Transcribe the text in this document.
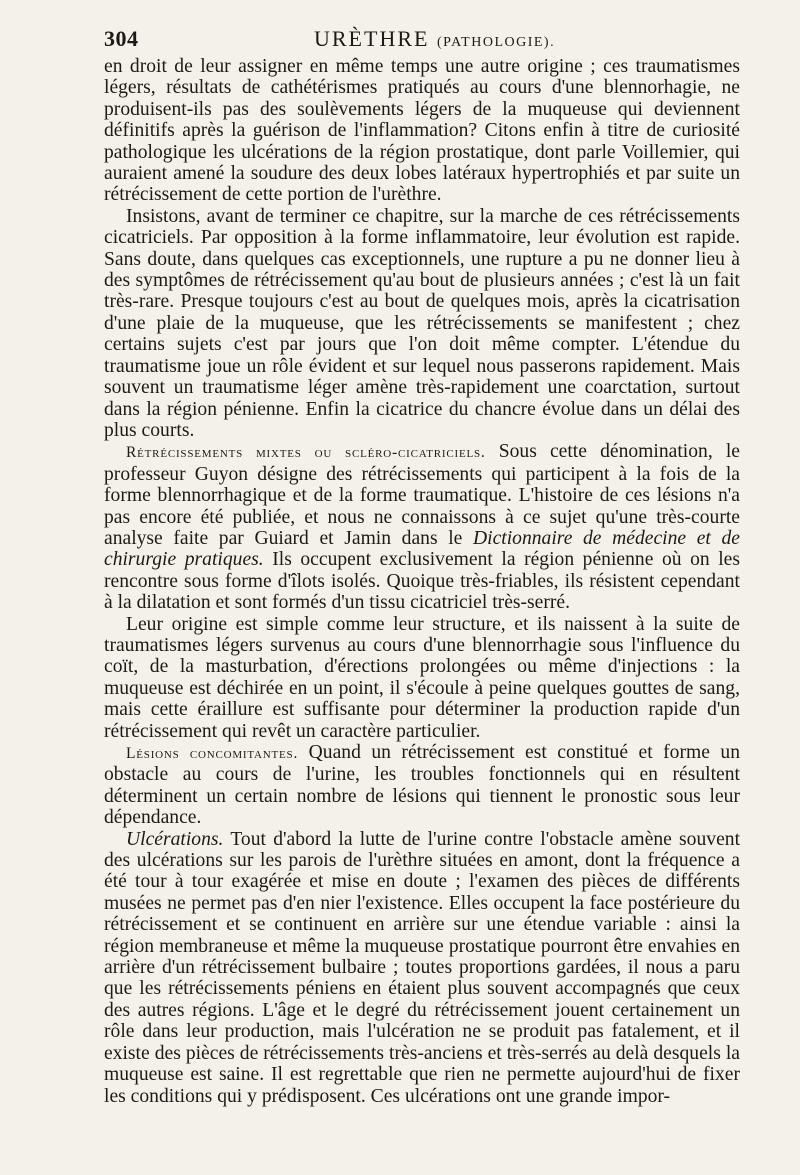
304	URÈTHRE (PATHOLOGIE).

en droit de leur assigner en même temps une autre origine ; ces traumatismes légers, résultats de cathétérismes pratiqués au cours d'une blennorhagie, ne produisent-ils pas des soulèvements légers de la muqueuse qui deviennent définitifs après la guérison de l'inflammation? Citons enfin à titre de curiosité pathologique les ulcérations de la région prostatique, dont parle Voillemier, qui auraient amené la soudure des deux lobes latéraux hypertrophiés et par suite un rétrécissement de cette portion de l'urèthre.

Insistons, avant de terminer ce chapitre, sur la marche de ces rétrécissements cicatriciels. Par opposition à la forme inflammatoire, leur évolution est rapide. Sans doute, dans quelques cas exceptionnels, une rupture a pu ne donner lieu à des symptômes de rétrécissement qu'au bout de plusieurs années ; c'est là un fait très-rare. Presque toujours c'est au bout de quelques mois, après la cicatrisation d'une plaie de la muqueuse, que les rétrécissements se manifestent ; chez certains sujets c'est par jours que l'on doit même compter. L'étendue du traumatisme joue un rôle évident et sur lequel nous passerons rapidement. Mais souvent un traumatisme léger amène très-rapidement une coarctation, surtout dans la région pénienne. Enfin la cicatrice du chancre évolue dans un délai des plus courts.

Rétrécissements mixtes ou scléro-cicatriciels. Sous cette dénomination, le professeur Guyon désigne des rétrécissements qui participent à la fois de la forme blennorrhagique et de la forme traumatique. L'histoire de ces lésions n'a pas encore été publiée, et nous ne connaissons à ce sujet qu'une très-courte analyse faite par Guiard et Jamin dans le Dictionnaire de médecine et de chirurgie pratiques. Ils occupent exclusivement la région pénienne où on les rencontre sous forme d'îlots isolés. Quoique très-friables, ils résistent cependant à la dilatation et sont formés d'un tissu cicatriciel très-serré.

Leur origine est simple comme leur structure, et ils naissent à la suite de traumatismes légers survenus au cours d'une blennorrhagie sous l'influence du coït, de la masturbation, d'érections prolongées ou même d'injections : la muqueuse est déchirée en un point, il s'écoule à peine quelques gouttes de sang, mais cette éraillure est suffisante pour déterminer la production rapide d'un rétrécissement qui revêt un caractère particulier.

Lésions concomitantes. Quand un rétrécissement est constitué et forme un obstacle au cours de l'urine, les troubles fonctionnels qui en résultent déterminent un certain nombre de lésions qui tiennent le pronostic sous leur dépendance.

Ulcérations. Tout d'abord la lutte de l'urine contre l'obstacle amène souvent des ulcérations sur les parois de l'urèthre situées en amont, dont la fréquence a été tour à tour exagérée et mise en doute ; l'examen des pièces de différents musées ne permet pas d'en nier l'existence. Elles occupent la face postérieure du rétrécissement et se continuent en arrière sur une étendue variable : ainsi la région membraneuse et même la muqueuse prostatique pourront être envahies en arrière d'un rétrécissement bulbaire ; toutes proportions gardées, il nous a paru que les rétrécissements péniens en étaient plus souvent accompagnés que ceux des autres régions. L'âge et le degré du rétrécissement jouent certainement un rôle dans leur production, mais l'ulcération ne se produit pas fatalement, et il existe des pièces de rétrécissements très-anciens et très-serrés au delà desquels la muqueuse est saine. Il est regrettable que rien ne permette aujourd'hui de fixer les conditions qui y prédisposent. Ces ulcérations ont une grande impor-
